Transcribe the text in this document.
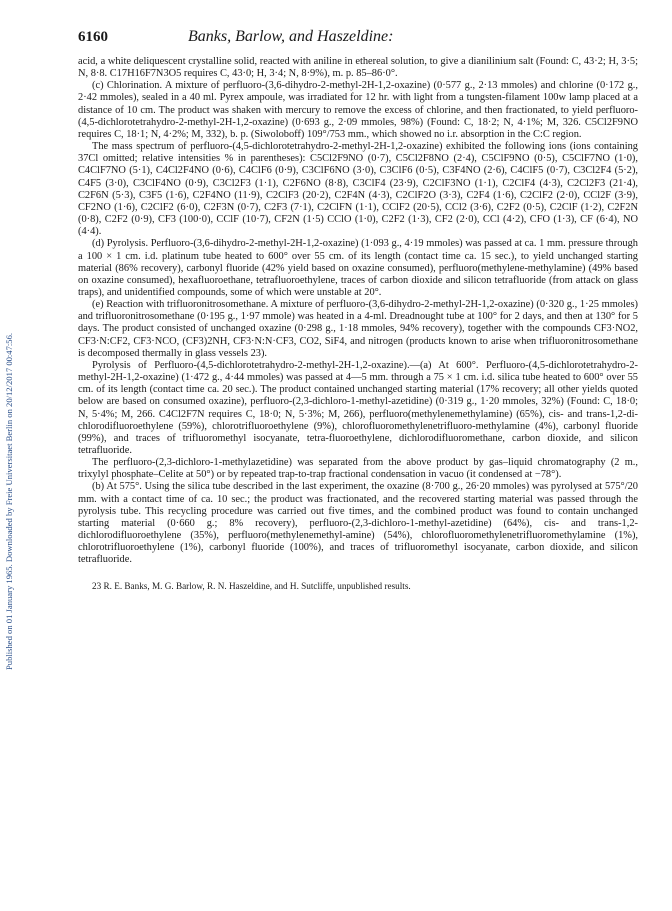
Published on 01 January 1965. Downloaded by Freie Universitaet Berlin on 20/12/2017 00:47:56.
6160	Banks, Barlow, and Haszeldine:

acid, a white deliquescent crystalline solid, reacted with aniline in ethereal solution, to give a dianilinium salt (Found: C, 43·2; H, 3·5; N, 8·8. C17H16F7N3O5 requires C, 43·0; H, 3·4; N, 8·9%), m. p. 85–86·0°.

(c) Chlorination. A mixture of perfluoro-(3,6-dihydro-2-methyl-2H-1,2-oxazine) (0·577 g., 2·13 mmoles) and chlorine (0·172 g., 2·42 mmoles), sealed in a 40 ml. Pyrex ampoule, was irradiated for 12 hr. with light from a tungsten-filament 100w lamp placed at a distance of 10 cm. The product was shaken with mercury to remove the excess of chlorine, and then fractionated, to yield perfluoro-(4,5-dichlorotetrahydro-2-methyl-2H-1,2-oxazine) (0·693 g., 2·09 mmoles, 98%) (Found: C, 18·2; N, 4·1%; M, 326. C5Cl2F9NO requires C, 18·1; N, 4·2%; M, 332), b. p. (Siwoloboff) 109°/753 mm., which showed no i.r. absorption in the C:C region.

The mass spectrum of perfluoro-(4,5-dichlorotetrahydro-2-methyl-2H-1,2-oxazine) exhibited the following ions (ions containing 37Cl omitted; relative intensities % in parentheses): C5Cl2F9NO (0·7), C5Cl2F8NO (2·4), C5ClF9NO (0·5), C5ClF7NO (1·0), C4ClF7NO (5·1), C4Cl2F4NO (0·6), C4ClF6 (0·9), C3ClF6NO (3·0), C3ClF6 (0·5), C3F4NO (2·6), C4ClF5 (0·7), C3Cl2F4 (5·2), C4F5 (3·0), C3ClF4NO (0·9), C3Cl2F3 (1·1), C2F6NO (8·8), C3ClF4 (23·9), C2ClF3NO (1·1), C2ClF4 (4·3), C2Cl2F3 (21·4), C2F6N (5·3), C3F5 (1·6), C2F4NO (11·9), C2ClF3 (20·2), C2F4N (4·3), C2ClF2O (3·3), C2F4 (1·6), C2ClF2 (2·0), CCl2F (3·9), CF2NO (1·6), C2ClF2 (6·0), C2F3N (0·7), C2F3 (7·1), C2ClFN (1·1), CClF2 (20·5), CCl2 (3·6), C2F2 (0·5), C2ClF (1·2), C2F2N (0·8), C2F2 (0·9), CF3 (100·0), CClF (10·7), CF2N (1·5) CClO (1·0), C2F2 (1·3), CF2 (2·0), CCl (4·2), CFO (1·3), CF (6·4), NO (4·4).

(d) Pyrolysis. Perfluoro-(3,6-dihydro-2-methyl-2H-1,2-oxazine) (1·093 g., 4·19 mmoles) was passed at ca. 1 mm. pressure through a 100 × 1 cm. i.d. platinum tube heated to 600° over 55 cm. of its length (contact time ca. 15 sec.), to yield unchanged starting material (86% recovery), carbonyl fluoride (42% yield based on oxazine consumed), perfluoro(methylene-methylamine) (49% based on oxazine consumed), hexafluoroethane, tetrafluoroethylene, traces of carbon dioxide and silicon tetrafluoride (from attack on glass traps), and unidentified compounds, some of which were unstable at 20°.

(e) Reaction with trifluoronitrosomethane. A mixture of perfluoro-(3,6-dihydro-2-methyl-2H-1,2-oxazine) (0·320 g., 1·25 mmoles) and trifluoronitrosomethane (0·195 g., 1·97 mmole) was heated in a 4-ml. Dreadnought tube at 100° for 2 days, and then at 130° for 5 days. The product consisted of unchanged oxazine (0·298 g., 1·18 mmoles, 94% recovery), together with the compounds CF3·NO2, CF3·N:CF2, CF3·NCO, (CF3)2NH, CF3·N:N·CF3, CO2, SiF4, and nitrogen (products known to arise when trifluoronitrosomethane is decomposed thermally in glass vessels 23).

Pyrolysis of Perfluoro-(4,5-dichlorotetrahydro-2-methyl-2H-1,2-oxazine).—(a) At 600°. Perfluoro-(4,5-dichlorotetrahydro-2-methyl-2H-1,2-oxazine) (1·472 g., 4·44 mmoles) was passed at 4—5 mm. through a 75 × 1 cm. i.d. silica tube heated to 600° over 55 cm. of its length (contact time ca. 20 sec.). The product contained unchanged starting material (17% recovery; all other yields quoted below are based on consumed oxazine), perfluoro-(2,3-dichloro-1-methyl-azetidine) (0·319 g., 1·20 mmoles, 32%) (Found: C, 18·0; N, 5·4%; M, 266. C4Cl2F7N requires C, 18·0; N, 5·3%; M, 266), perfluoro(methylenemethylamine) (65%), cis- and trans-1,2-di-chlorodifluoroethylene (59%), chlorotrifluoroethylene (9%), chlorofluoromethylenetrifluoro-methylamine (4%), carbonyl fluoride (99%), and traces of trifluoromethyl isocyanate, tetra-fluoroethylene, dichlorodifluoromethane, carbon dioxide, and silicon tetrafluoride.

The perfluoro-(2,3-dichloro-1-methylazetidine) was separated from the above product by gas–liquid chromatography (2 m., trixylyl phosphate–Celite at 50°) or by repeated trap-to-trap fractional condensation in vacuo (it condensed at −78°).

(b) At 575°. Using the silica tube described in the last experiment, the oxazine (8·700 g., 26·20 mmoles) was pyrolysed at 575°/20 mm. with a contact time of ca. 10 sec.; the product was fractionated, and the recovered starting material was passed through the pyrolysis tube. This recycling procedure was carried out five times, and the combined product was found to contain unchanged starting material (0·660 g.; 8% recovery), perfluoro-(2,3-dichloro-1-methyl-azetidine) (64%), cis- and trans-1,2-dichlorodifluoroethylene (35%), perfluoro(methylenemethyl-amine) (54%), chlorofluoromethylenetrifluoromethylamine (1%), chlorotrifluoroethylene (1%), carbonyl fluoride (100%), and traces of trifluoromethyl isocyanate, carbon dioxide, and silicon tetrafluoride.

23 R. E. Banks, M. G. Barlow, R. N. Haszeldine, and H. Sutcliffe, unpublished results.
